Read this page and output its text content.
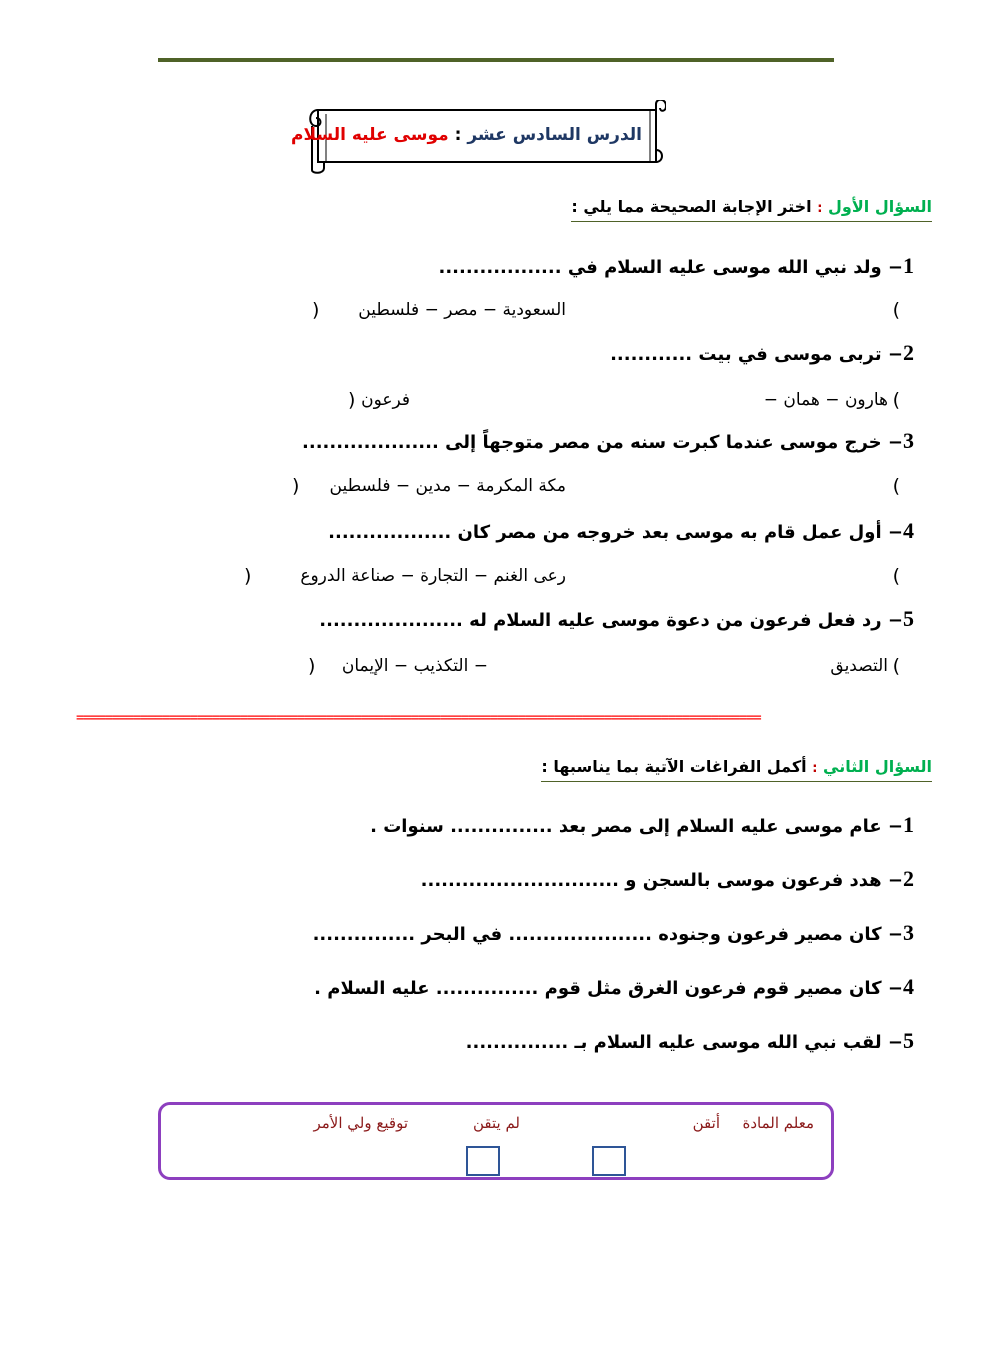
الدرس السادس عشر : موسى عليه السلام
السؤال الأول : اختر الإجابة الصحيحة مما يلي :
1− ولد نبي الله موسى عليه السلام في ..................
(
السعودية − مصر − فلسطين
)
2− تربى موسى في بيت ............
(
هارون − همان −
فرعون
)
3− خرج موسى عندما كبرت سنه من مصر متوجهاً إلى ....................
(
مكة المكرمة − مدين − فلسطين
)
4− أول عمل قام به موسى بعد خروجه من مصر كان ..................
(
رعى الغنم − التجارة − صناعة الدروع
)
5− رد فعل فرعون من دعوة موسى عليه السلام له .....................
(
التصديق
− التكذيب − الإيمان
)
================================================================================================
السؤال الثاني : أكمل الفراغات الآتية بما يناسبها :
1− عام موسى عليه السلام إلى مصر بعد ............... سنوات .
2− هدد فرعون موسى بالسجن و .............................
3− كان مصير فرعون وجنوده ..................... في البحر ...............
4− كان مصير قوم فرعون الغرق مثل قوم ............... عليه السلام .
5− لقب نبي الله موسى عليه السلام بـ ...............
معلم المادة
أتقن
لم يتقن
توقيع ولي الأمر
